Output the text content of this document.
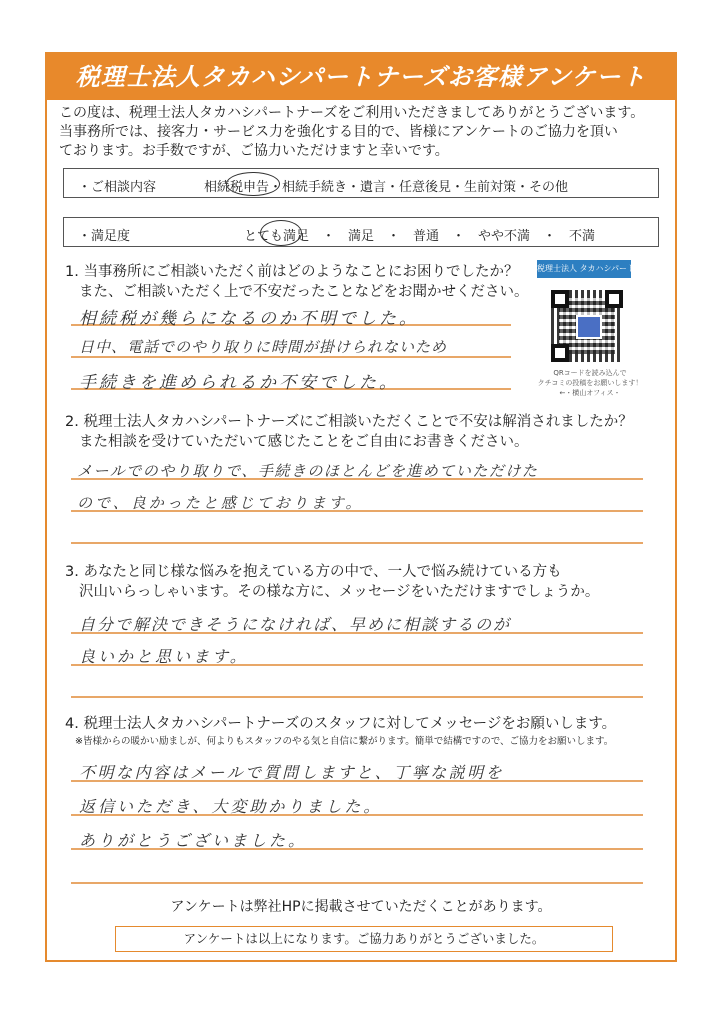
税理士法人タカハシパートナーズお客様アンケート
この度は、税理士法人タカハシパートナーズをご利用いただきましてありがとうございます。
当事務所では、接客力・サービス力を強化する目的で、皆様にアンケートのご協力を頂い
ております。お手数ですが、ご協力いただけますと幸いです。
・ご相談内容	相続税申告・相続手続き・遺言・任意後見・生前対策・その他
・満足度	とても満足　・　満足　・　普通　・　やや不満　・　不満
1. 当事務所にご相談いただく前はどのようなことにお困りでしたか？
また、ご相談いただく上で不安だったことなどをお聞かせください。
相続税が幾らになるのか不明でした。
日中、電話でのやり取りに時間が掛けられないため
手続きを進められるか不安でした。
税理士法人 タカハシパートナーズ
QRコードを読み込んで
クチコミの投稿をお願いします！
←・横山オフィス・
2. 税理士法人タカハシパートナーズにご相談いただくことで不安は解消されましたか？
また相談を受けていただいて感じたことをご自由にお書きください。
メールでのやり取りで、手続きのほとんどを進めていただけた
ので、良かったと感じております。
3. あなたと同じ様な悩みを抱えている方の中で、一人で悩み続けている方も
沢山いらっしゃいます。その様な方に、メッセージをいただけますでしょうか。
自分で解決できそうになければ、早めに相談するのが
良いかと思います。
4. 税理士法人タカハシパートナーズのスタッフに対してメッセージをお願いします。
※皆様からの暖かい励ましが、何よりもスタッフのやる気と自信に繋がります。簡単で結構ですので、ご協力をお願いします。
不明な内容はメールで質問しますと、丁寧な説明を
返信いただき、大変助かりました。
ありがとうございました。
アンケートは弊社HPに掲載させていただくことがあります。
アンケートは以上になります。ご協力ありがとうございました。
